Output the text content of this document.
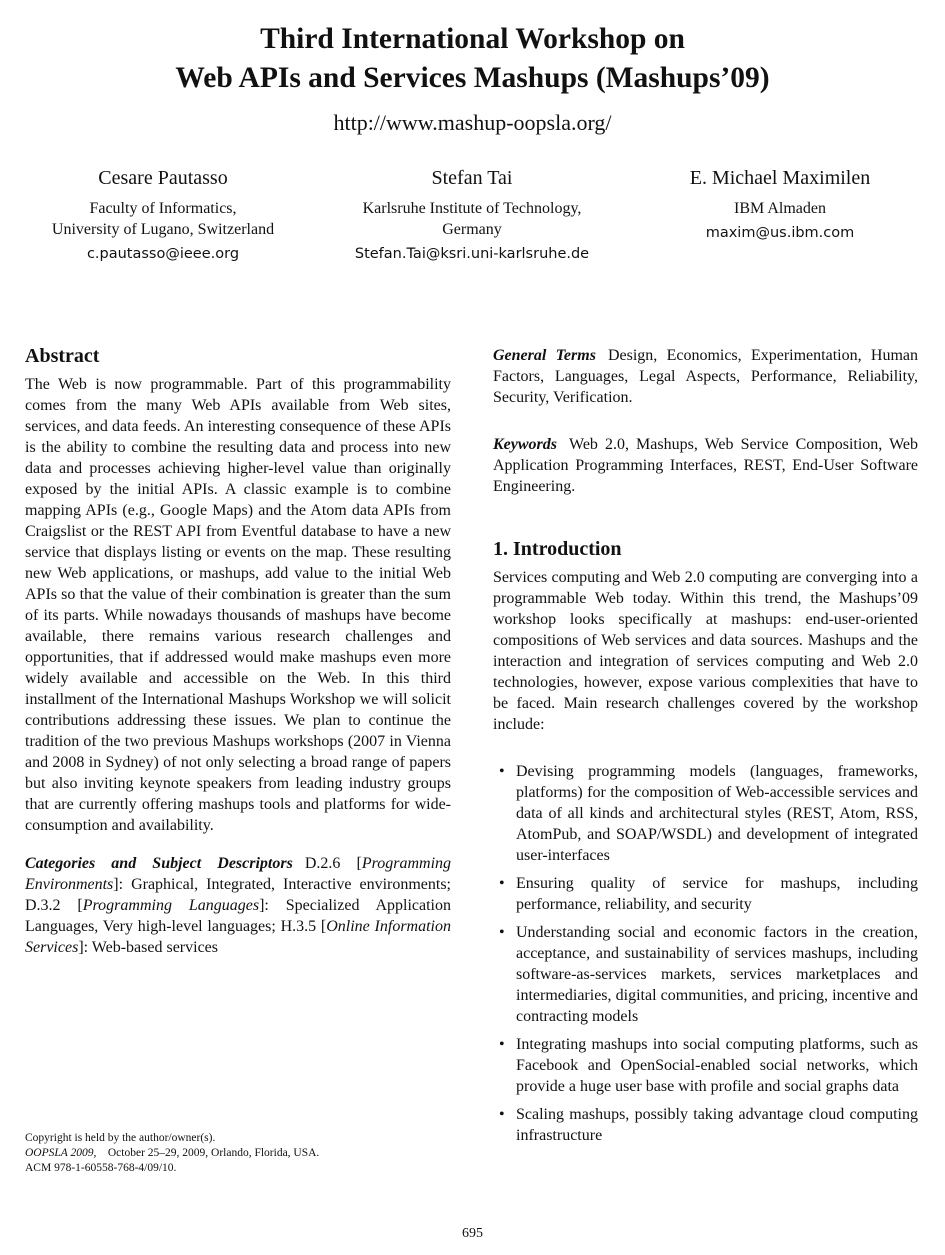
Third International Workshop on
Web APIs and Services Mashups (Mashups’09)
http://www.mashup-oopsla.org/
Cesare Pautasso
Faculty of Informatics,
University of Lugano, Switzerland
c.pautasso@ieee.org
Stefan Tai
Karlsruhe Institute of Technology,
Germany
Stefan.Tai@ksri.uni-karlsruhe.de
E. Michael Maximilen
IBM Almaden
maxim@us.ibm.com
Abstract

The Web is now programmable. Part of this programmability comes from the many Web APIs available from Web sites, services, and data feeds. An interesting consequence of these APIs is the ability to combine the resulting data and process into new data and processes achieving higher-level value than originally exposed by the initial APIs. A classic example is to combine mapping APIs (e.g., Google Maps) and the Atom data APIs from Craigslist or the REST API from Eventful database to have a new service that displays listing or events on the map. These resulting new Web applications, or mashups, add value to the initial Web APIs so that the value of their combination is greater than the sum of its parts. While nowadays thousands of mashups have become available, there remains various research challenges and opportunities, that if addressed would make mashups even more widely available and accessible on the Web. In this third installment of the International Mashups Workshop we will solicit contributions addressing these issues. We plan to continue the tradition of the two previous Mashups workshops (2007 in Vienna and 2008 in Sydney) of not only selecting a broad range of papers but also inviting keynote speakers from leading industry groups that are currently offering mashups tools and platforms for wide-consumption and availability.

Categories and Subject Descriptors D.2.6 [Programming Environments]: Graphical, Integrated, Interactive environments; D.3.2 [Programming Languages]: Specialized Application Languages, Very high-level languages; H.3.5 [Online Information Services]: Web-based services

General Terms Design, Economics, Experimentation, Human Factors, Languages, Legal Aspects, Performance, Reliability, Security, Verification.

Keywords Web 2.0, Mashups, Web Service Composition, Web Application Programming Interfaces, REST, End-User Software Engineering.

1. Introduction

Services computing and Web 2.0 computing are converging into a programmable Web today. Within this trend, the Mashups’09 workshop looks specifically at mashups: end-user-oriented compositions of Web services and data sources. Mashups and the interaction and integration of services computing and Web 2.0 technologies, however, expose various complexities that have to be faced. Main research challenges covered by the workshop include:

• Devising programming models (languages, frameworks, platforms) for the composition of Web-accessible services and data of all kinds and architectural styles (REST, Atom, RSS, AtomPub, and SOAP/WSDL) and development of integrated user-interfaces
• Ensuring quality of service for mashups, including performance, reliability, and security
• Understanding social and economic factors in the creation, acceptance, and sustainability of services mashups, including software-as-services markets, services marketplaces and intermediaries, digital communities, and pricing, incentive and contracting models
• Integrating mashups into social computing platforms, such as Facebook and OpenSocial-enabled social networks, which provide a huge user base with profile and social graphs data
• Scaling mashups, possibly taking advantage cloud computing infrastructure
Copyright is held by the author/owner(s).
OOPSLA 2009, October 25–29, 2009, Orlando, Florida, USA.
ACM 978-1-60558-768-4/09/10.
695
